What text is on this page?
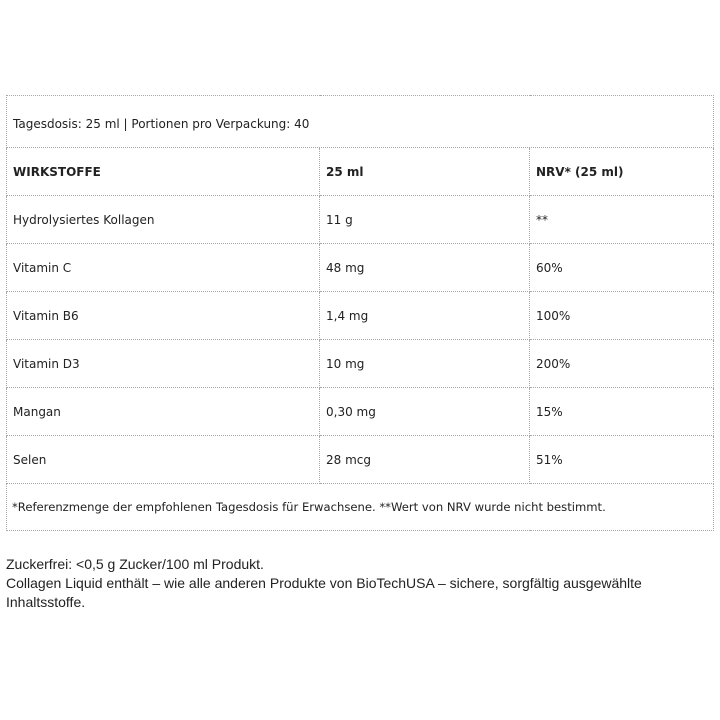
Tagesdosis: 25 ml | Portionen pro Verpackung: 40		
WIRKSTOFFE	25 ml	NRV* (25 ml)
Hydrolysiertes Kollagen	11 g	**
Vitamin C	48 mg	60%
Vitamin B6	1,4 mg	100%
Vitamin D3	10 mg	200%
Mangan	0,30 mg	15%
Selen	28 mcg	51%
*Referenzmenge der empfohlenen Tagesdosis für Erwachsene. **Wert von NRV wurde nicht bestimmt.		

Zuckerfrei: <0,5 g Zucker/100 ml Produkt.

Collagen Liquid enthält – wie alle anderen Produkte von BioTechUSA – sichere, sorgfältig ausgewählte Inhaltsstoffe.
